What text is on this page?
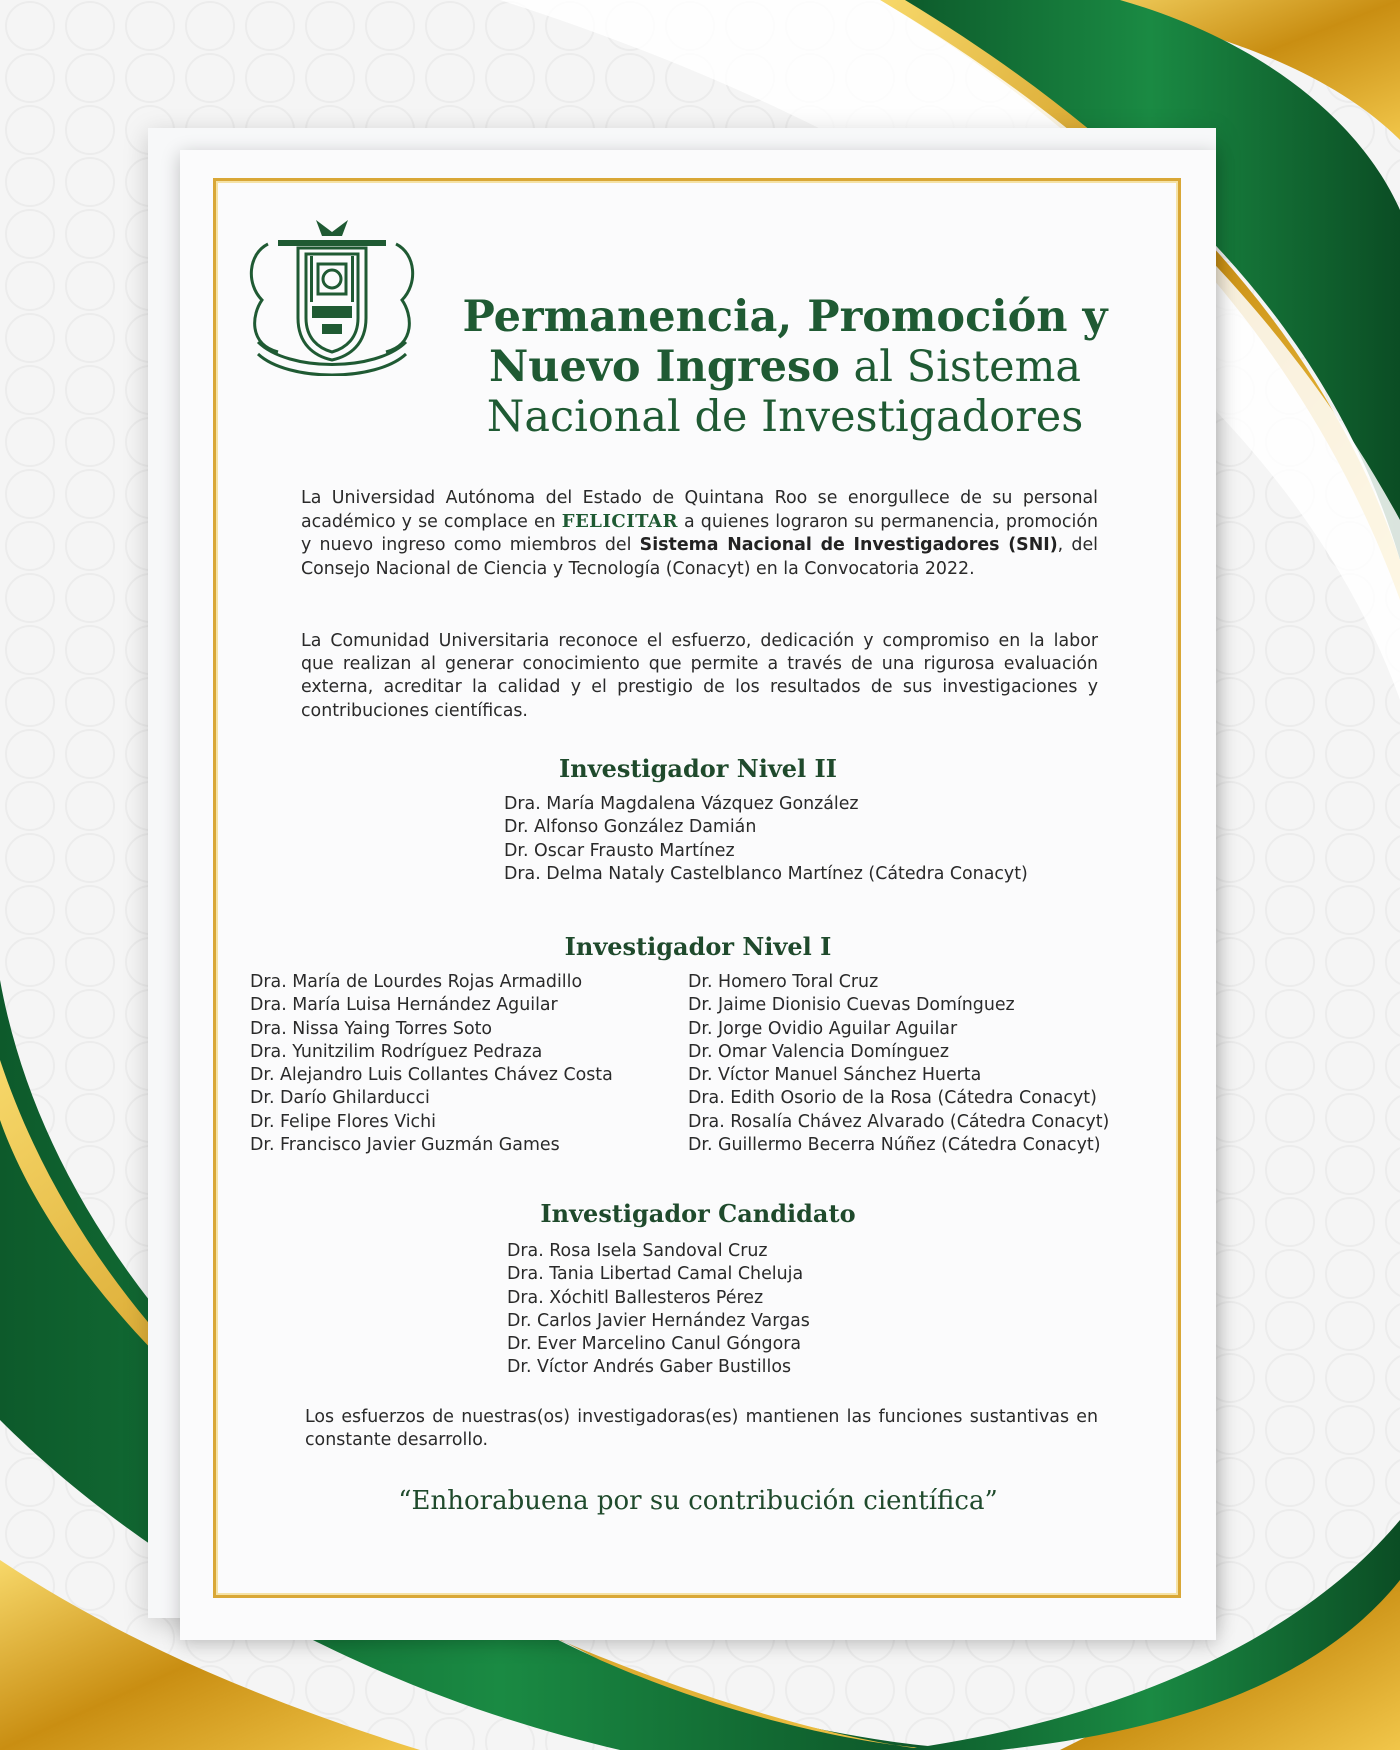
Permanencia, Promoción y
Nuevo Ingreso al Sistema
Nacional de Investigadores
La Universidad Autónoma del Estado de Quintana Roo se enorgullece de su personal académico y se complace en FELICITAR a quienes lograron su permanencia, promoción y nuevo ingreso como miembros del Sistema Nacional de Investigadores (SNI), del Consejo Nacional de Ciencia y Tecnología (Conacyt) en la Convocatoria 2022.
La Comunidad Universitaria reconoce el esfuerzo, dedicación y compromiso en la labor que realizan al generar conocimiento que permite a través de una rigurosa evaluación externa, acreditar la calidad y el prestigio de los resultados de sus investigaciones y contribuciones científicas.
Investigador Nivel II
Dra. María Magdalena Vázquez González
Dr. Alfonso González Damián
Dr. Oscar Frausto Martínez
Dra. Delma Nataly Castelblanco Martínez (Cátedra Conacyt)
Investigador Nivel I
Dra. María de Lourdes Rojas Armadillo
Dra. María Luisa Hernández Aguilar
Dra. Nissa Yaing Torres Soto
Dra. Yunitzilim Rodríguez Pedraza
Dr. Alejandro Luis Collantes Chávez Costa
Dr. Darío Ghilarducci
Dr. Felipe Flores Vichi
Dr. Francisco Javier Guzmán Games
Dr. Homero Toral Cruz
Dr. Jaime Dionisio Cuevas Domínguez
Dr. Jorge Ovidio Aguilar Aguilar
Dr. Omar Valencia Domínguez
Dr. Víctor Manuel Sánchez Huerta
Dra. Edith Osorio de la Rosa (Cátedra Conacyt)
Dra. Rosalía Chávez Alvarado (Cátedra Conacyt)
Dr. Guillermo Becerra Núñez (Cátedra Conacyt)
Investigador Candidato
Dra. Rosa Isela Sandoval Cruz
Dra. Tania Libertad Camal Cheluja
Dra. Xóchitl Ballesteros Pérez
Dr. Carlos Javier Hernández Vargas
Dr. Ever Marcelino Canul Góngora
Dr. Víctor Andrés Gaber Bustillos
Los esfuerzos de nuestras(os) investigadoras(es) mantienen las funciones sustantivas en constante desarrollo.
“Enhorabuena por su contribución científica”
